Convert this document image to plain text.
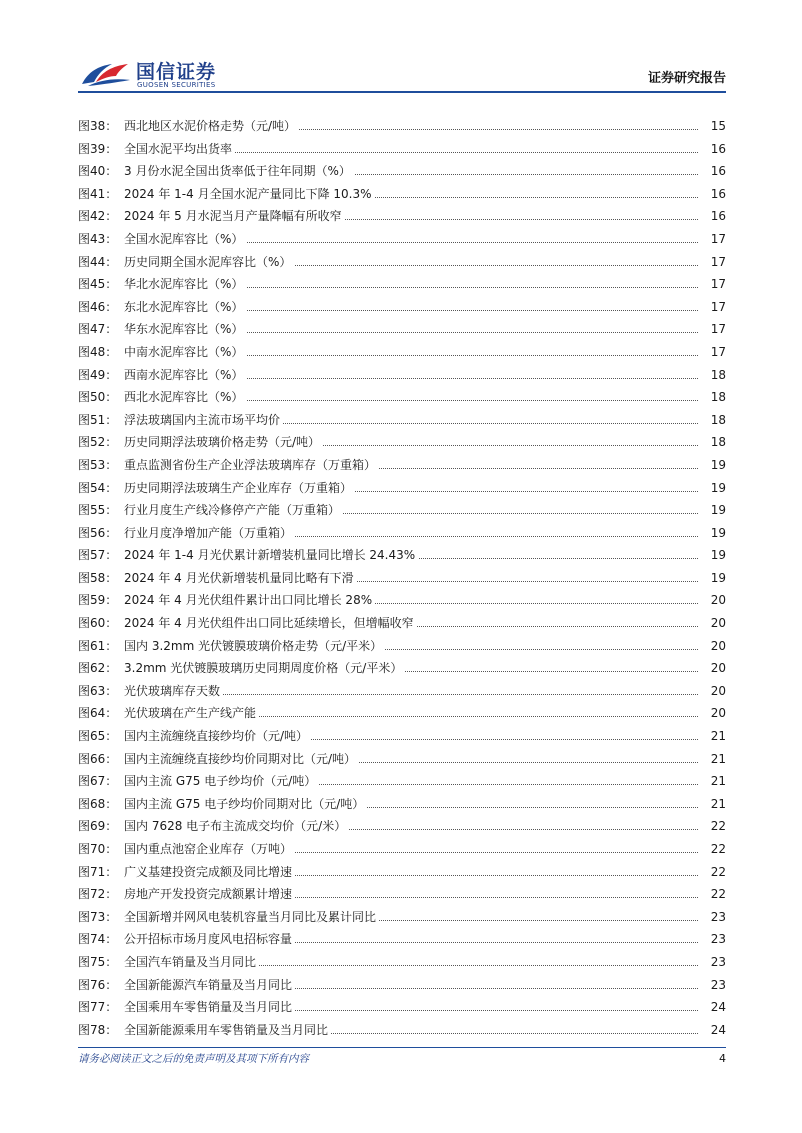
国信证券
GUOSEN SECURITIES	证券研究报告
图38： 西北地区水泥价格走势（元/吨）	15
图39： 全国水泥平均出货率	16
图40： 3 月份水泥全国出货率低于往年同期（%）	16
图41： 2024 年 1-4 月全国水泥产量同比下降 10.3%	16
图42： 2024 年 5 月水泥当月产量降幅有所收窄	16
图43： 全国水泥库容比（%）	17
图44： 历史同期全国水泥库容比（%）	17
图45： 华北水泥库容比（%）	17
图46： 东北水泥库容比（%）	17
图47： 华东水泥库容比（%）	17
图48： 中南水泥库容比（%）	17
图49： 西南水泥库容比（%）	18
图50： 西北水泥库容比（%）	18
图51： 浮法玻璃国内主流市场平均价	18
图52： 历史同期浮法玻璃价格走势（元/吨）	18
图53： 重点监测省份生产企业浮法玻璃库存（万重箱）	19
图54： 历史同期浮法玻璃生产企业库存（万重箱）	19
图55： 行业月度生产线冷修停产产能（万重箱）	19
图56： 行业月度净增加产能（万重箱）	19
图57： 2024 年 1-4 月光伏累计新增装机量同比增长 24.43%	19
图58： 2024 年 4 月光伏新增装机量同比略有下滑	19
图59： 2024 年 4 月光伏组件累计出口同比增长 28%	20
图60： 2024 年 4 月光伏组件出口同比延续增长，但增幅收窄	20
图61： 国内 3.2mm 光伏镀膜玻璃价格走势（元/平米）	20
图62： 3.2mm 光伏镀膜玻璃历史同期周度价格（元/平米）	20
图63： 光伏玻璃库存天数	20
图64： 光伏玻璃在产生产线产能	20
图65： 国内主流缠绕直接纱均价（元/吨）	21
图66： 国内主流缠绕直接纱均价同期对比（元/吨）	21
图67： 国内主流 G75 电子纱均价（元/吨）	21
图68： 国内主流 G75 电子纱均价同期对比（元/吨）	21
图69： 国内 7628 电子布主流成交均价（元/米）	22
图70： 国内重点池窑企业库存（万吨）	22
图71： 广义基建投资完成额及同比增速	22
图72： 房地产开发投资完成额累计增速	22
图73： 全国新增并网风电装机容量当月同比及累计同比	23
图74： 公开招标市场月度风电招标容量	23
图75： 全国汽车销量及当月同比	23
图76： 全国新能源汽车销量及当月同比	23
图77： 全国乘用车零售销量及当月同比	24
图78： 全国新能源乘用车零售销量及当月同比	24
请务必阅读正文之后的免责声明及其项下所有内容	4
